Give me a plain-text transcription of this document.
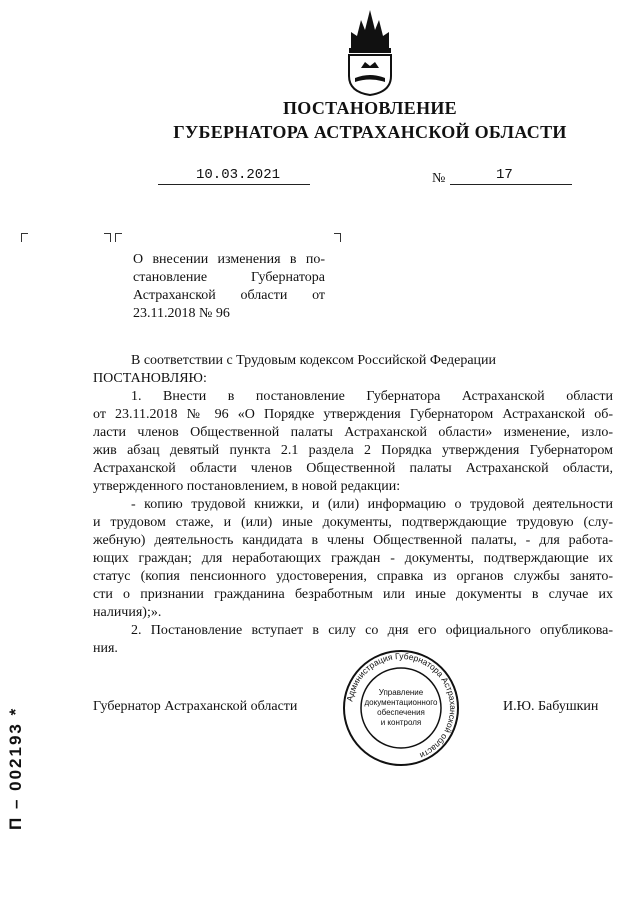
ПОСТАНОВЛЕНИЕ
ГУБЕРНАТОРА АСТРАХАНСКОЙ ОБЛАСТИ
10.03.2021	№	17
О внесении изменения в по-
становление Губернатора
Астраханской области от
23.11.2018 № 96
В соответствии с Трудовым кодексом Российской Федерации
ПОСТАНОВЛЯЮ:
1. Внести в постановление Губернатора Астраханской области
от 23.11.2018 № 96 «О Порядке утверждения Губернатором Астраханской об-
ласти членов Общественной палаты Астраханской области» изменение, изло-
жив абзац девятый пункта 2.1 раздела 2 Порядка утверждения Губернатором
Астраханской области членов Общественной палаты Астраханской области,
утвержденного постановлением, в новой редакции:
- копию трудовой книжки, и (или) информацию о трудовой деятельности
и трудовом стаже, и (или) иные документы, подтверждающие трудовую (слу-
жебную) деятельность кандидата в члены Общественной палаты, - для работа-
ющих граждан; для неработающих граждан - документы, подтверждающие их
статус (копия пенсионного удостоверения, справка из органов службы занято-
сти о признании гражданина безработным или иные документы в случае их
наличия);».
2. Постановление вступает в силу со дня его официального опубликова-
ния.
Губернатор Астраханской области	И.Ю. Бабушкин
Администрация Губернатора Астраханской области
Управление
документационного
обеспечения
и контроля
П – 002193 *
